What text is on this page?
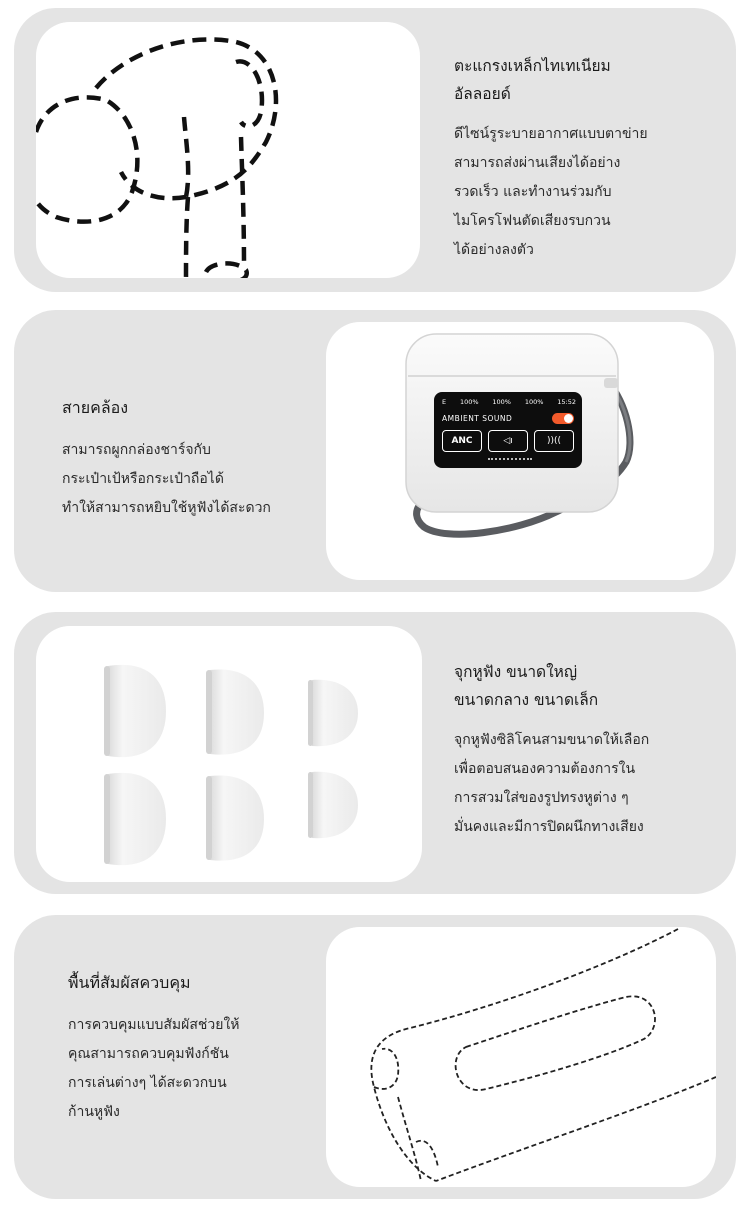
ตะแกรงเหล็กไทเทเนียม
อัลลอยด์
ดีไซน์รูระบายอากาศแบบตาข่าย
สามารถส่งผ่านเสียงได้อย่าง
รวดเร็ว และทำงานร่วมกับ
ไมโครโฟนตัดเสียงรบกวน
ได้อย่างลงตัว
สายคล้อง
สามารถผูกกล่องชาร์จกับ
กระเป๋าเป้หรือกระเป๋าถือได้
ทำให้สามารถหยิบใช้หูฟังได้สะดวก
E 100% 100% 100% 15:52
AMBIENT SOUND
ANC	◁ı	))((
จุกหูฟัง ขนาดใหญ่
ขนาดกลาง ขนาดเล็ก
จุกหูฟังซิลิโคนสามขนาดให้เลือก
เพื่อตอบสนองความต้องการใน
การสวมใส่ของรูปทรงหูต่าง ๆ
มั่นคงและมีการปิดผนึกทางเสียง
พื้นที่สัมผัสควบคุม
การควบคุมแบบสัมผัสช่วยให้
คุณสามารถควบคุมฟังก์ชัน
การเล่นต่างๆ ได้สะดวกบน
ก้านหูฟัง
